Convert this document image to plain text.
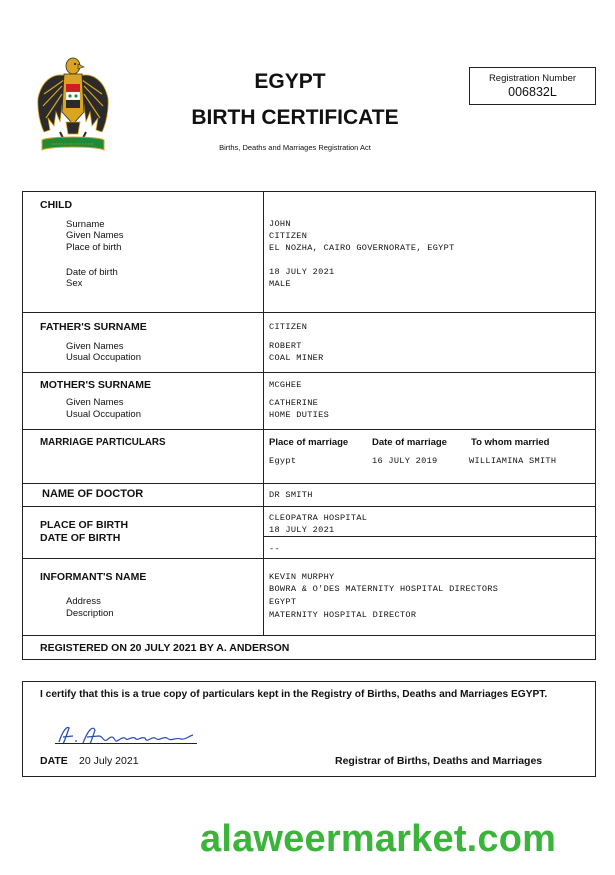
EGYPT
BIRTH CERTIFICATE
Births, Deaths and Marriages Registration Act
Registration Number
006832L
CHILD
Surname
Given Names
Place of birth
Date of birth
Sex
JOHN
CITIZEN
EL NOZHA, CAIRO GOVERNORATE, EGYPT
18 JULY 2021
MALE
FATHER'S SURNAME
Given Names
Usual Occupation
CITIZEN
ROBERT
COAL MINER
MOTHER'S SURNAME
Given Names
Usual Occupation
MCGHEE
CATHERINE
HOME DUTIES
MARRIAGE PARTICULARS	Place of marriage	Date of marriage	To whom married
Egypt	16 JULY 2019	WILLIAMINA SMITH
NAME OF DOCTOR	DR SMITH
PLACE OF BIRTH
DATE OF BIRTH
CLEOPATRA HOSPITAL
18 JULY 2021
--
INFORMANT'S NAME
Address
Description
KEVIN MURPHY
BOWRA & O'DES MATERNITY HOSPITAL DIRECTORS
EGYPT
MATERNITY HOSPITAL DIRECTOR
REGISTERED ON 20 JULY 2021 BY A. ANDERSON
I certify that this is a true copy of particulars kept in the Registry of Births, Deaths and Marriages EGYPT.
DATE 20 July 2021	Registrar of Births, Deaths and Marriages
alaweermarket.com
